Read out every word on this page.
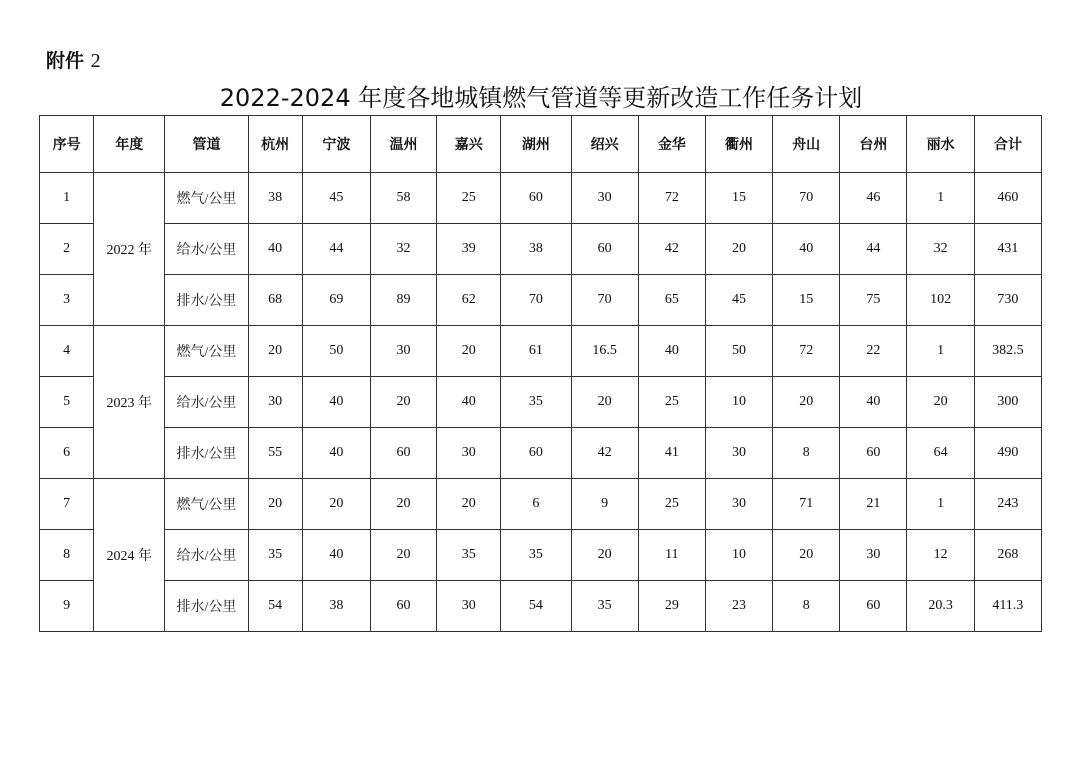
附件 2
2022-2024 年度各地城镇燃气管道等更新改造工作任务计划
序号	年度	管道	杭州	宁波	温州	嘉兴	湖州	绍兴	金华	衢州	舟山	台州	丽水	合计
1	2022 年	燃气/公里	38	45	58	25	60	30	72	15	70	46	1	460
2		给水/公里	40	44	32	39	38	60	42	20	40	44	32	431
3		排水/公里	68	69	89	62	70	70	65	45	15	75	102	730
4	2023 年	燃气/公里	20	50	30	20	61	16.5	40	50	72	22	1	382.5
5		给水/公里	30	40	20	40	35	20	25	10	20	40	20	300
6		排水/公里	55	40	60	30	60	42	41	30	8	60	64	490
7	2024 年	燃气/公里	20	20	20	20	6	9	25	30	71	21	1	243
8		给水/公里	35	40	20	35	35	20	11	10	20	30	12	268
9		排水/公里	54	38	60	30	54	35	29	23	8	60	20.3	411.3
